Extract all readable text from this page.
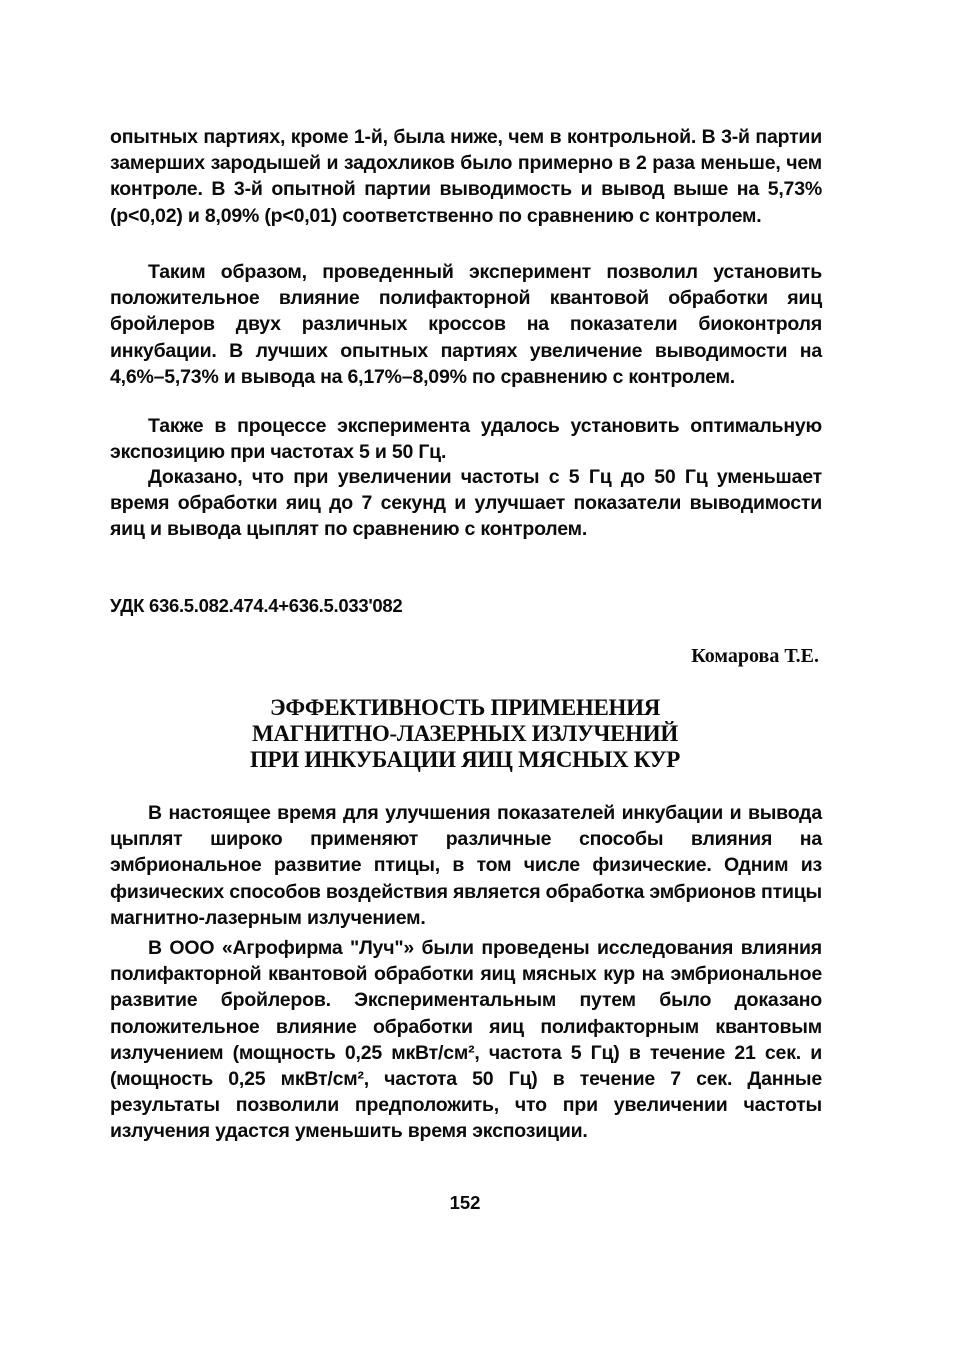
опытных партиях, кроме 1-й, была ниже, чем в контрольной. В 3-й партии замерших зародышей и задохликов было примерно в 2 раза меньше, чем контроле. В 3-й опытной партии выводимость и вывод выше на 5,73% (р<0,02) и 8,09% (р<0,01) соответственно по сравнению с контролем.

Таким образом, проведенный эксперимент позволил установить положительное влияние полифакторной квантовой обработки яиц бройлеров двух различных кроссов на показатели биоконтроля инкубации. В лучших опытных партиях увеличение выводимости на 4,6%–5,73% и вывода на 6,17%–8,09% по сравнению с контролем.

Также в процессе эксперимента удалось установить оптимальную экспозицию при частотах 5 и 50 Гц.

Доказано, что при увеличении частоты с 5 Гц до 50 Гц уменьшает время обработки яиц до 7 секунд и улучшает показатели выводимости яиц и вывода цыплят по сравнению с контролем.

УДК 636.5.082.474.4+636.5.033'082
Комарова Т.Е.
ЭФФЕКТИВНОСТЬ ПРИМЕНЕНИЯ
МАГНИТНО-ЛАЗЕРНЫХ ИЗЛУЧЕНИЙ
ПРИ ИНКУБАЦИИ ЯИЦ МЯСНЫХ КУР

В настоящее время для улучшения показателей инкубации и вывода цыплят широко применяют различные способы влияния на эмбриональное развитие птицы, в том числе физические. Одним из физических способов воздействия является обработка эмбрионов птицы магнитно-лазерным излучением.

В ООО «Агрофирма "Луч"» были проведены исследования влияния полифакторной квантовой обработки яиц мясных кур на эмбриональное развитие бройлеров. Экспериментальным путем было доказано положительное влияние обработки яиц полифакторным квантовым излучением (мощность 0,25 мкВт/см², частота 5 Гц) в течение 21 сек. и (мощность 0,25 мкВт/см², частота 50 Гц) в течение 7 сек. Данные результаты позволили предположить, что при увеличении частоты излучения удастся уменьшить время экспозиции.

152
